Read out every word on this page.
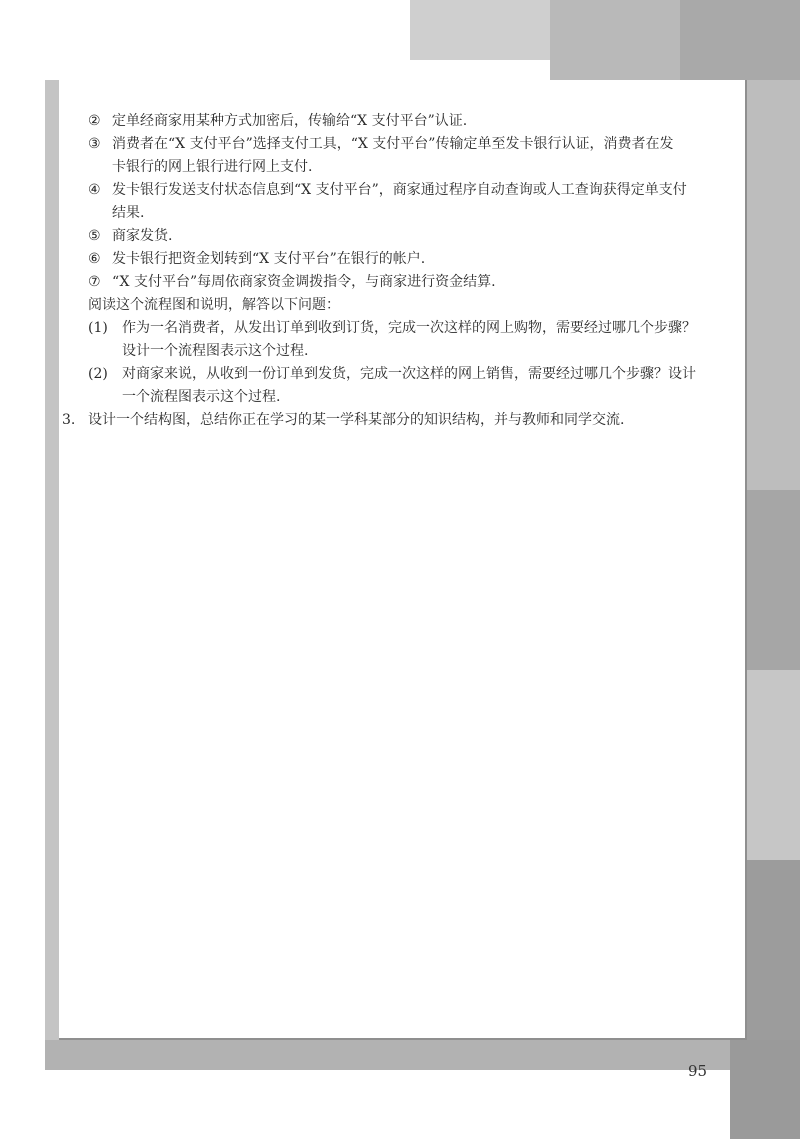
② 定单经商家用某种方式加密后，传输给“X 支付平台”认证.
③ 消费者在“X 支付平台”选择支付工具，“X 支付平台”传输定单至发卡银行认证，消费者在发
卡银行的网上银行进行网上支付.
④ 发卡银行发送支付状态信息到“X 支付平台”，商家通过程序自动查询或人工查询获得定单支付
结果.
⑤ 商家发货.
⑥ 发卡银行把资金划转到“X 支付平台”在银行的帐户.
⑦ “X 支付平台”每周依商家资金调拨指令，与商家进行资金结算.
阅读这个流程图和说明，解答以下问题：
(1)	作为一名消费者，从发出订单到收到订货，完成一次这样的网上购物，需要经过哪几个步骤？
设计一个流程图表示这个过程.
(2)	对商家来说，从收到一份订单到发货，完成一次这样的网上销售，需要经过哪几个步骤？设计
一个流程图表示这个过程.
3. 设计一个结构图，总结你正在学习的某一学科某部分的知识结构，并与教师和同学交流.
95
